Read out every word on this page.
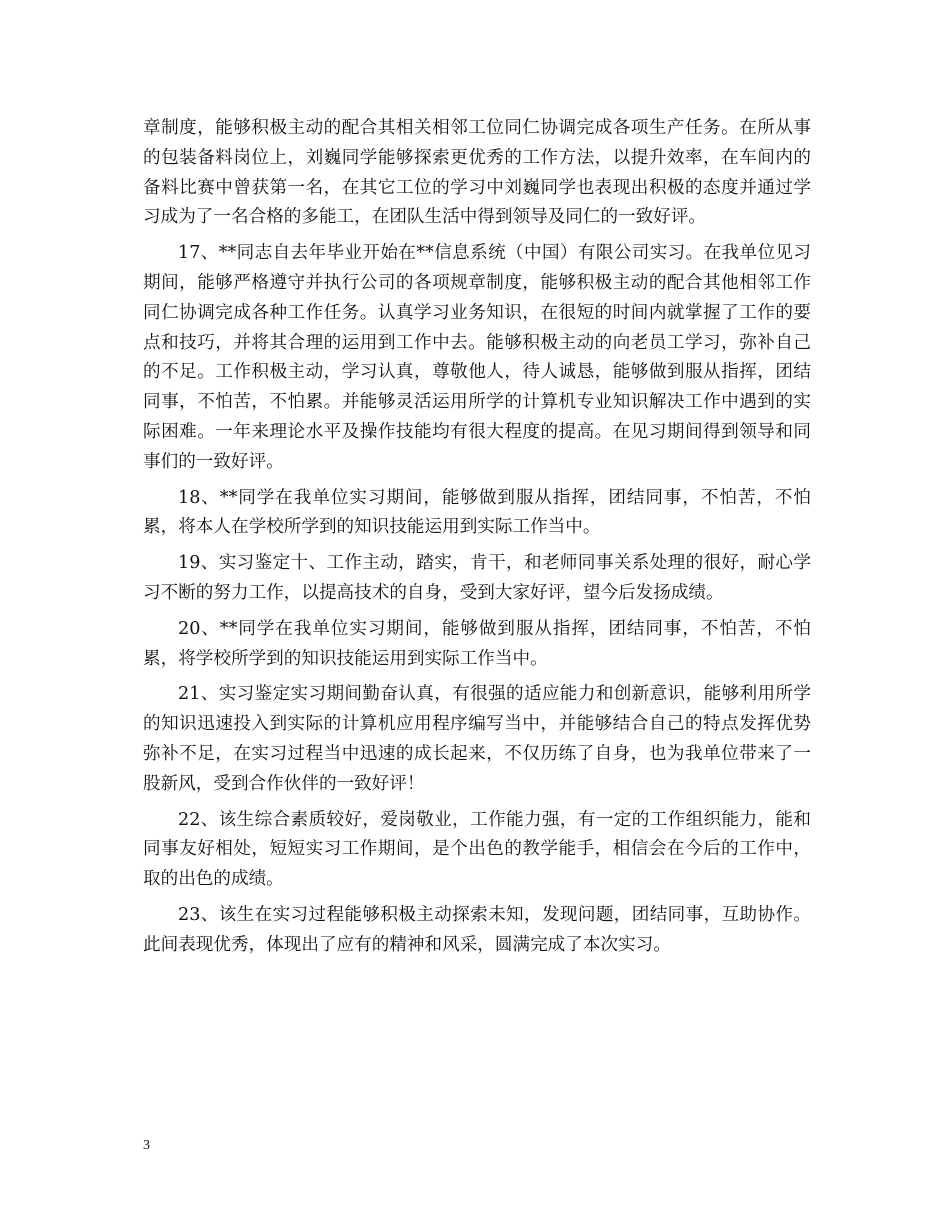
章制度，能够积极主动的配合其相关相邻工位同仁协调完成各项生产任务。在所从事的包装备料岗位上，刘巍同学能够探索更优秀的工作方法，以提升效率，在车间内的备料比赛中曾获第一名，在其它工位的学习中刘巍同学也表现出积极的态度并通过学习成为了一名合格的多能工，在团队生活中得到领导及同仁的一致好评。

17、**同志自去年毕业开始在**信息系统（中国）有限公司实习。在我单位见习期间，能够严格遵守并执行公司的各项规章制度，能够积极主动的配合其他相邻工作同仁协调完成各种工作任务。认真学习业务知识，在很短的时间内就掌握了工作的要点和技巧，并将其合理的运用到工作中去。能够积极主动的向老员工学习，弥补自己的不足。工作积极主动，学习认真，尊敬他人，待人诚恳，能够做到服从指挥，团结同事，不怕苦，不怕累。并能够灵活运用所学的计算机专业知识解决工作中遇到的实际困难。一年来理论水平及操作技能均有很大程度的提高。在见习期间得到领导和同事们的一致好评。

18、**同学在我单位实习期间，能够做到服从指挥，团结同事，不怕苦，不怕累，将本人在学校所学到的知识技能运用到实际工作当中。

19、实习鉴定十、工作主动，踏实，肯干，和老师同事关系处理的很好，耐心学习不断的努力工作，以提高技术的自身，受到大家好评，望今后发扬成绩。

20、**同学在我单位实习期间，能够做到服从指挥，团结同事，不怕苦，不怕累，将学校所学到的知识技能运用到实际工作当中。

21、实习鉴定实习期间勤奋认真，有很强的适应能力和创新意识，能够利用所学的知识迅速投入到实际的计算机应用程序编写当中，并能够结合自己的特点发挥优势弥补不足，在实习过程当中迅速的成长起来，不仅历练了自身，也为我单位带来了一股新风，受到合作伙伴的一致好评！

22、该生综合素质较好，爱岗敬业，工作能力强，有一定的工作组织能力，能和同事友好相处，短短实习工作期间，是个出色的教学能手，相信会在今后的工作中，取的出色的成绩。

23、该生在实习过程能够积极主动探索未知，发现问题，团结同事，互助协作。此间表现优秀，体现出了应有的精神和风采，圆满完成了本次实习。

3
